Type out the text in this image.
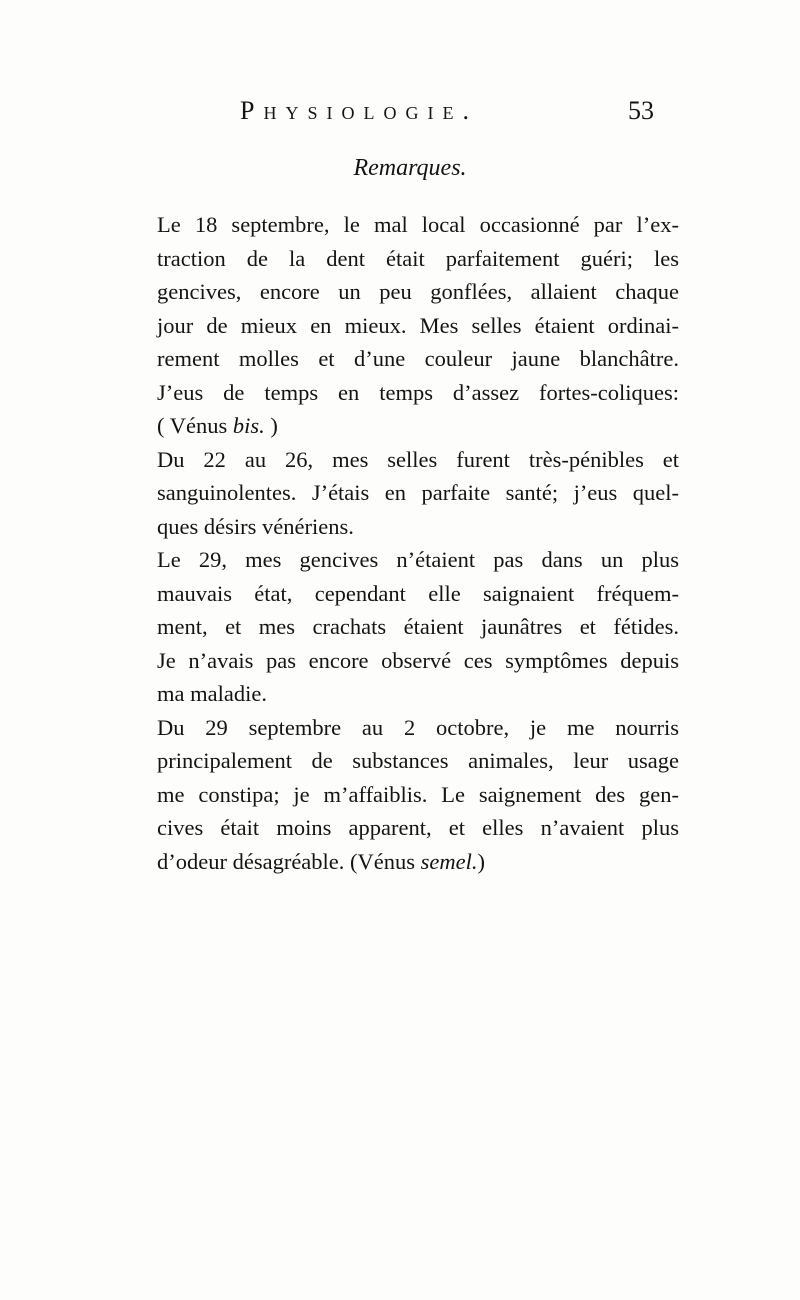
Physiologie.	53
Remarques.

Le 18 septembre, le mal local occasionné par l’ex-
traction de la dent était parfaitement guéri; les
gencives, encore un peu gonflées, allaient chaque
jour de mieux en mieux. Mes selles étaient ordinai-
rement molles et d’une couleur jaune blanchâtre.
J’eus de temps en temps d’assez fortes-coliques:
( Vénus bis. )

Du 22 au 26, mes selles furent très-pénibles et
sanguinolentes. J’étais en parfaite santé; j’eus quel-
ques désirs vénériens.

Le 29, mes gencives n’étaient pas dans un plus
mauvais état, cependant elle saignaient fréquem-
ment, et mes crachats étaient jaunâtres et fétides.
Je n’avais pas encore observé ces symptômes depuis
ma maladie.

Du 29 septembre au 2 octobre, je me nourris
principalement de substances animales, leur usage
me constipa; je m’affaiblis. Le saignement des gen-
cives était moins apparent, et elles n’avaient plus
d’odeur désagréable. (Vénus semel.)
